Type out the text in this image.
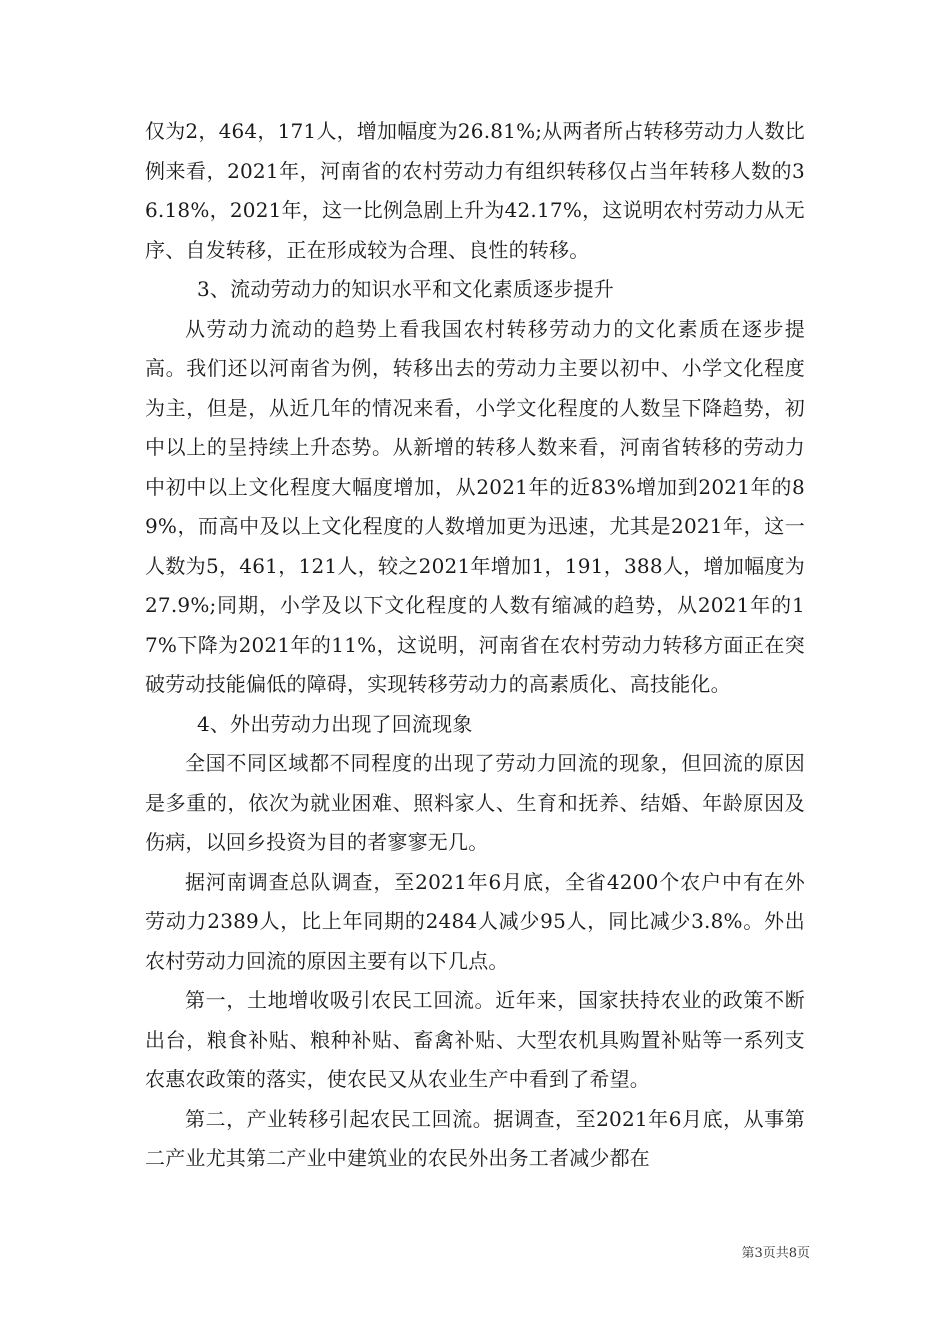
仅为2，464，171人，增加幅度为26.81%;从两者所占转移劳动力人数比例来看，2021年，河南省的农村劳动力有组织转移仅占当年转移人数的36.18%，2021年，这一比例急剧上升为42.17%，这说明农村劳动力从无序、自发转移，正在形成较为合理、良性的转移。

3、流动劳动力的知识水平和文化素质逐步提升

从劳动力流动的趋势上看我国农村转移劳动力的文化素质在逐步提高。我们还以河南省为例，转移出去的劳动力主要以初中、小学文化程度为主，但是，从近几年的情况来看，小学文化程度的人数呈下降趋势，初中以上的呈持续上升态势。从新增的转移人数来看，河南省转移的劳动力中初中以上文化程度大幅度增加，从2021年的近83%增加到2021年的89%，而高中及以上文化程度的人数增加更为迅速，尤其是2021年，这一人数为5，461，121人，较之2021年增加1，191，388人，增加幅度为27.9%;同期，小学及以下文化程度的人数有缩减的趋势，从2021年的17%下降为2021年的11%，这说明，河南省在农村劳动力转移方面正在突破劳动技能偏低的障碍，实现转移劳动力的高素质化、高技能化。

4、外出劳动力出现了回流现象

全国不同区域都不同程度的出现了劳动力回流的现象，但回流的原因是多重的，依次为就业困难、照料家人、生育和抚养、结婚、年龄原因及伤病，以回乡投资为目的者寥寥无几。

据河南调查总队调查，至2021年6月底，全省4200个农户中有在外劳动力2389人，比上年同期的2484人减少95人，同比减少3.8%。外出农村劳动力回流的原因主要有以下几点。

第一，土地增收吸引农民工回流。近年来，国家扶持农业的政策不断出台，粮食补贴、粮种补贴、畜禽补贴、大型农机具购置补贴等一系列支农惠农政策的落实，使农民又从农业生产中看到了希望。

第二，产业转移引起农民工回流。据调查，至2021年6月底，从事第二产业尤其第二产业中建筑业的农民外出务工者减少都在

第3页共8页
